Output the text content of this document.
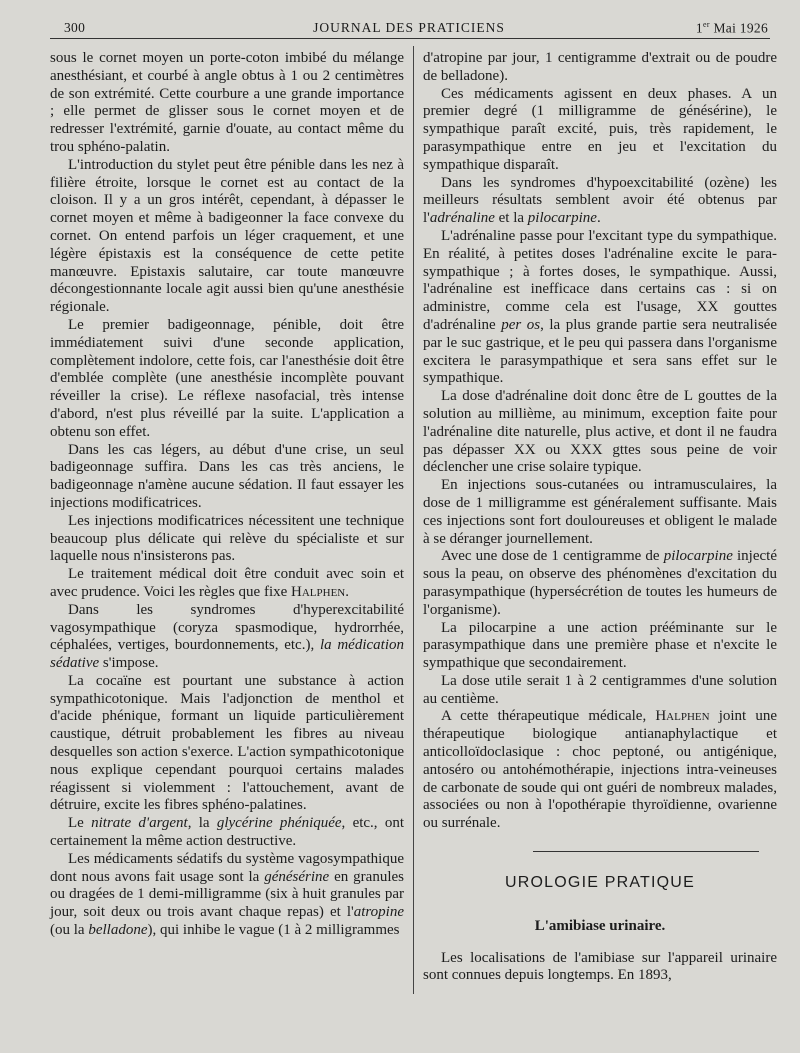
300	JOURNAL DES PRATICIENS	1er Mai 1926

sous le cornet moyen un porte-coton imbibé du mélange anesthésiant, et courbé à angle obtus à 1 ou 2 centimètres de son extrémité. Cette courbure a une grande importance ; elle permet de glisser sous le cornet moyen et de redresser l'extrémité, garnie d'ouate, au contact même du trou sphéno-palatin.

L'introduction du stylet peut être pénible dans les nez à filière étroite, lorsque le cornet est au contact de la cloison. Il y a un gros intérêt, cependant, à dépasser le cornet moyen et même à badigeonner la face convexe du cornet. On entend parfois un léger craquement, et une légère épistaxis est la conséquence de cette petite manœuvre. Epistaxis salutaire, car toute manœuvre décongestionnante locale agit aussi bien qu'une anesthésie régionale.

Le premier badigeonnage, pénible, doit être immédiatement suivi d'une seconde application, complètement indolore, cette fois, car l'anesthésie doit être d'emblée complète (une anesthésie incomplète pouvant réveiller la crise). Le réflexe nasofacial, très intense d'abord, n'est plus réveillé par la suite. L'application a obtenu son effet.

Dans les cas légers, au début d'une crise, un seul badigeonnage suffira. Dans les cas très anciens, le badigeonnage n'amène aucune sédation. Il faut essayer les injections modificatrices.

Les injections modificatrices nécessitent une technique beaucoup plus délicate qui relève du spécialiste et sur laquelle nous n'insisterons pas.

Le traitement médical doit être conduit avec soin et avec prudence. Voici les règles que fixe Halphen.

Dans les syndromes d'hyperexcitabilité vagosympathique (coryza spasmodique, hydrorrhée, céphalées, vertiges, bourdonnements, etc.), la médication sédative s'impose.

La cocaïne est pourtant une substance à action sympathicotonique. Mais l'adjonction de menthol et d'acide phénique, formant un liquide particulièrement caustique, détruit probablement les fibres au niveau desquelles son action s'exerce. L'action sympathicotonique nous explique cependant pourquoi certains malades réagissent si violemment : l'attouchement, avant de détruire, excite les fibres sphéno-palatines.

Le nitrate d'argent, la glycérine phéniquée, etc., ont certainement la même action destructive.

Les médicaments sédatifs du système vagosympathique dont nous avons fait usage sont la génésérine en granules ou dragées de 1 demi-milligramme (six à huit granules par jour, soit deux ou trois avant chaque repas) et l'atropine (ou la belladone), qui inhibe le vague (1 à 2 milligrammes

d'atropine par jour, 1 centigramme d'extrait ou de poudre de belladone).

Ces médicaments agissent en deux phases. A un premier degré (1 milligramme de génésérine), le sympathique paraît excité, puis, très rapidement, le parasympathique entre en jeu et l'excitation du sympathique disparaît.

Dans les syndromes d'hypoexcitabilité (ozène) les meilleurs résultats semblent avoir été obtenus par l'adrénaline et la pilocarpine.

L'adrénaline passe pour l'excitant type du sympathique. En réalité, à petites doses l'adrénaline excite le para-sympathique ; à fortes doses, le sympathique. Aussi, l'adrénaline est inefficace dans certains cas : si on administre, comme cela est l'usage, XX gouttes d'adrénaline per os, la plus grande partie sera neutralisée par le suc gastrique, et le peu qui passera dans l'organisme excitera le parasympathique et sera sans effet sur le sympathique.

La dose d'adrénaline doit donc être de L gouttes de la solution au millième, au minimum, exception faite pour l'adrénaline dite naturelle, plus active, et dont il ne faudra pas dépasser XX ou XXX gttes sous peine de voir déclencher une crise solaire typique.

En injections sous-cutanées ou intramusculaires, la dose de 1 milligramme est généralement suffisante. Mais ces injections sont fort douloureuses et obligent le malade à se déranger journellement.

Avec une dose de 1 centigramme de pilocarpine injecté sous la peau, on observe des phénomènes d'excitation du parasympathique (hypersécrétion de toutes les humeurs de l'organisme).

La pilocarpine a une action prééminante sur le parasympathique dans une première phase et n'excite le sympathique que secondairement.

La dose utile serait 1 à 2 centigrammes d'une solution au centième.

A cette thérapeutique médicale, Halphen joint une thérapeutique biologique antianaphylactique et anticolloïdoclasique : choc peptoné, ou antigénique, antoséro ou antohémothérapie, injections intra-veineuses de carbonate de soude qui ont guéri de nombreux malades, associées ou non à l'opothérapie thyroïdienne, ovarienne ou surrénale.

UROLOGIE PRATIQUE
L'amibiase urinaire.

Les localisations de l'amibiase sur l'appareil urinaire sont connues depuis longtemps. En 1893,
